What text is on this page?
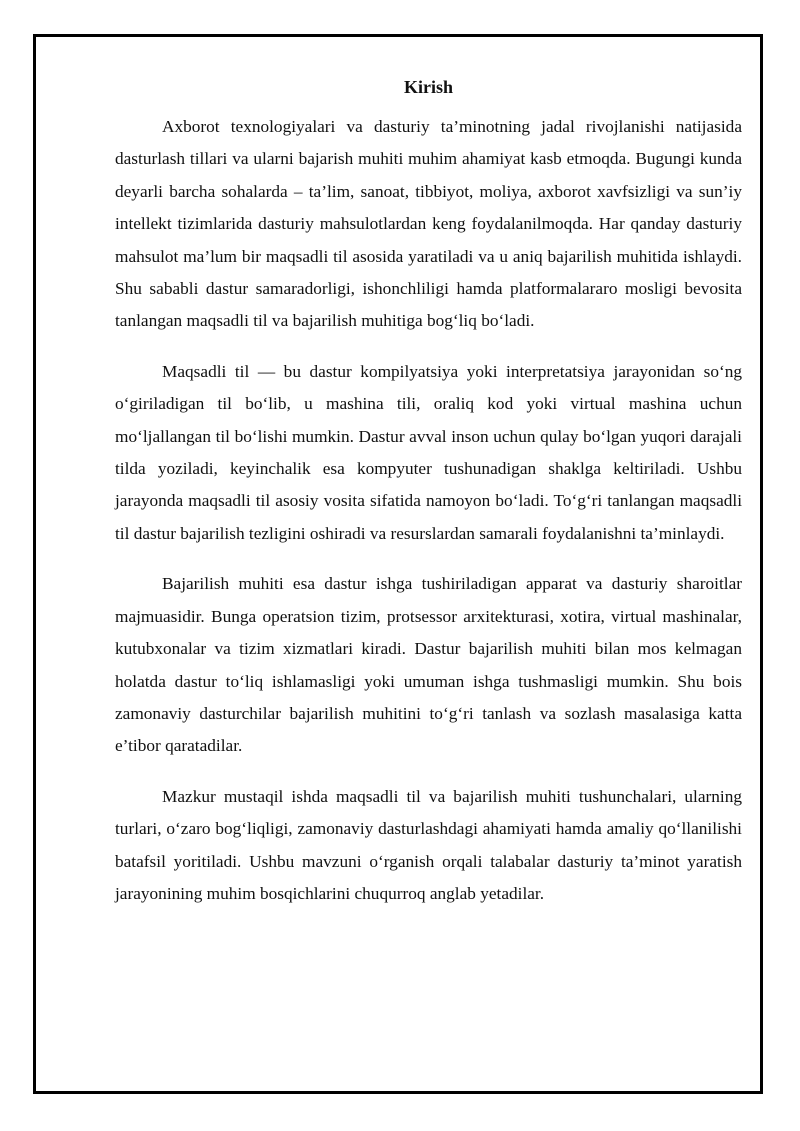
Kirish

Axborot texnologiyalari va dasturiy ta’minotning jadal rivojlanishi natijasida dasturlash tillari va ularni bajarish muhiti muhim ahamiyat kasb etmoqda. Bugungi kunda deyarli barcha sohalarda – ta’lim, sanoat, tibbiyot, moliya, axborot xavfsizligi va sun’iy intellekt tizimlarida dasturiy mahsulotlardan keng foydalanilmoqda. Har qanday dasturiy mahsulot ma’lum bir maqsadli til asosida yaratiladi va u aniq bajarilish muhitida ishlaydi. Shu sababli dastur samaradorligi, ishonchliligi hamda platformalararo mosligi bevosita tanlangan maqsadli til va bajarilish muhitiga bog‘liq bo‘ladi.

Maqsadli til — bu dastur kompilyatsiya yoki interpretatsiya jarayonidan so‘ng o‘giriladigan til bo‘lib, u mashina tili, oraliq kod yoki virtual mashina uchun mo‘ljallangan til bo‘lishi mumkin. Dastur avval inson uchun qulay bo‘lgan yuqori darajali tilda yoziladi, keyinchalik esa kompyuter tushunadigan shaklga keltiriladi. Ushbu jarayonda maqsadli til asosiy vosita sifatida namoyon bo‘ladi. To‘g‘ri tanlangan maqsadli til dastur bajarilish tezligini oshiradi va resurslardan samarali foydalanishni ta’minlaydi.

Bajarilish muhiti esa dastur ishga tushiriladigan apparat va dasturiy sharoitlar majmuasidir. Bunga operatsion tizim, protsessor arxitekturasi, xotira, virtual mashinalar, kutubxonalar va tizim xizmatlari kiradi. Dastur bajarilish muhiti bilan mos kelmagan holatda dastur to‘liq ishlamasligi yoki umuman ishga tushmasligi mumkin. Shu bois zamonaviy dasturchilar bajarilish muhitini to‘g‘ri tanlash va sozlash masalasiga katta e’tibor qaratadilar.

Mazkur mustaqil ishda maqsadli til va bajarilish muhiti tushunchalari, ularning turlari, o‘zaro bog‘liqligi, zamonaviy dasturlashdagi ahamiyati hamda amaliy qo‘llanilishi batafsil yoritiladi. Ushbu mavzuni o‘rganish orqali talabalar dasturiy ta’minot yaratish jarayonining muhim bosqichlarini chuqurroq anglab yetadilar.
